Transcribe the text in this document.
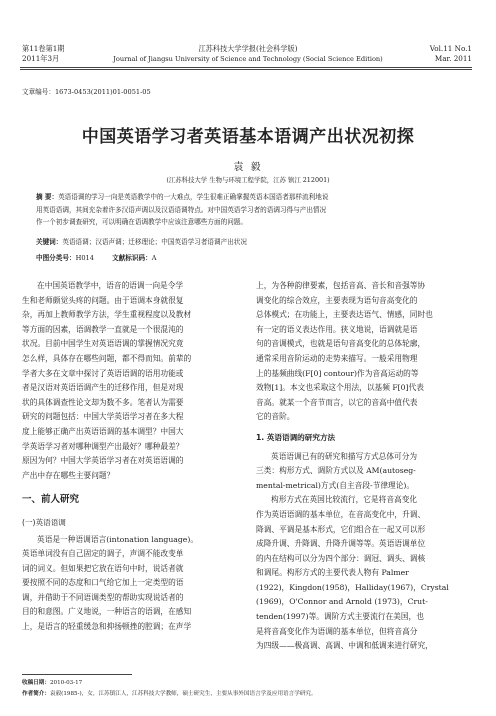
第11卷第1期
2011年3月
江苏科技大学学报(社会科学版)
Journal of Jiangsu University of Science and Technology (Social Science Edition)
Vol.11 No.1
Mar. 2011
文章编号：1673-0453(2011)01-0051-05
中国英语学习者英语基本语调产出状况初探
袁 毅
(江苏科技大学 生物与环境工程学院，江苏 镇江 212001)
摘 要：英语语调的学习一向是英语教学中的一大难点，学生很难正确掌握英语本国语者那样流利地说
用英语语调，其间充杂着许多汉语声调以及汉语语调特点。对中国英语学习者的语调习得与产出情况
作一个初步调查研究，可以明确在语调教学中应该注意哪些方面的问题。
关键词：英语语调；汉语声调；迁移理论；中国英语学习者语调产出状况
中图分类号：H014	文献标识码：A
在中国英语教学中，语音的语调一向是令学
生和老师颇觉头疼的问题。由于语调本身就很复
杂，再加上教师教学方法，学生重视程度以及教材
等方面的因素，语调教学一直就是一个很混沌的
状况。目前中国学生对英语语调的掌握情况究竟
怎么样，具体存在哪些问题，都不得而知。前辈的
学者大多在文章中探讨了英语语调的语用功能或
者是汉语对英语语调产生的迁移作用，但是对现
状的具体调查性论文却为数不多。笔者认为需要
研究的问题包括：中国大学英语学习者在多大程
度上能够正确产出英语语调的基本调型？中国大
学英语学习者对哪种调型产出最好？哪种最差？
原因为何？中国大学英语学习者在对英语语调的
产出中存在哪些主要问题？
一、前人研究
(一)英语语调
英语是一种语调语言(intonation language)。
英语单词没有自己固定的调子，声调不能改变单
词的词义。但如果把它放在语句中时，说话者就
要按照不同的态度和口气给它加上一定类型的语
调，并借助于不同语调类型的帮助实现说话者的
目的和意图。广义地说，一种语言的语调，在感知
上，是语言的轻重缓急和抑扬顿挫的腔调；在声学
上，为各种韵律要素，包括音高、音长和音强等协
调变化的综合效应，主要表现为语句音高变化的
总体模式；在功能上，主要表达语气、情感，同时也
有一定的语义表达作用。狭义地说，语调就是语
句的音调模式，也就是语句音高变化的总体轮廓，
通常采用音阶运动的走势来描写。一般采用物理
上的基频曲线(F[0] contour)作为音高运动的等
效物[1]。本文也采取这个用法，以基频 F[0]代表
音高。就某一个音节而言，以它的音高中值代表
它的音阶。
1. 英语语调的研究方法
英语语调已有的研究和描写方式总体可分为
三类：构形方式、调阶方式以及 AM(autoseg-
mental-metrical)方式(自主音段-节律理论)。
构形方式在英国比较流行，它是将音高变化
作为英语语调的基本单位，在音高变化中，升调、
降调、平调是基本形式，它们组合在一起又可以形
成降升调、升降调、升降升调等等。英语语调单位
的内在结构可以分为四个部分：调冠、调头、调核
和调尾。构形方式的主要代表人物有 Palmer
(1922)，Kingdon(1958)，Halliday(1967)，Crystal
(1969)，O'Connor and Arnold (1973)，Crut-
tenden(1997)等。调阶方式主要流行在美国，也
是将音高变化作为语调的基本单位，但将音高分
为四级——极高调、高调、中调和低调来进行研究，
收稿日期：2010-03-17
作者简介：袁毅(1985-)，女，江苏镇江人，江苏科技大学教师，硕士研究生，主要从事外国语言学及应用语言学研究。
